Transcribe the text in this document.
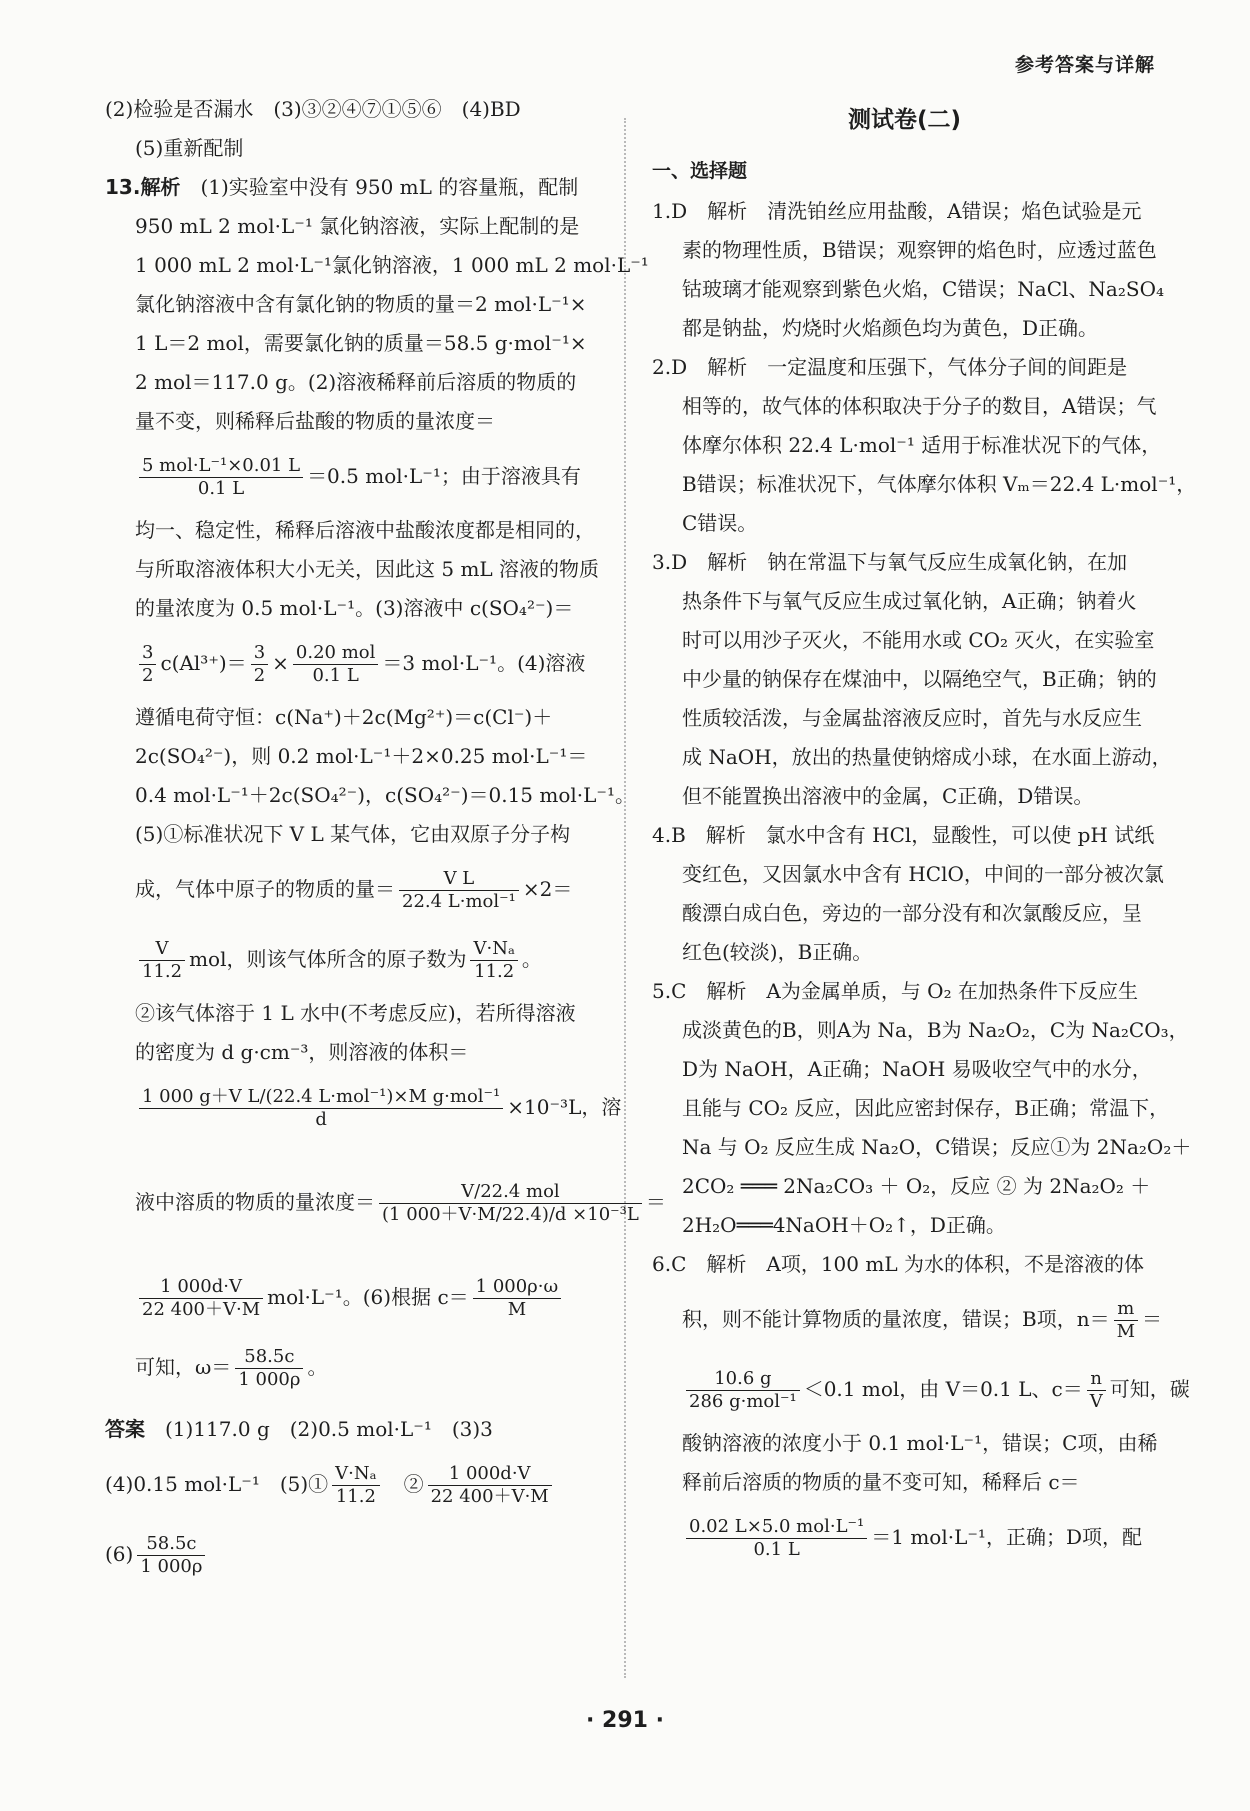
参考答案与详解
(2)检验是否漏水　(3)③②④⑦①⑤⑥　(4)BD
(5)重新配制
13.解析　 (1)实验室中没有 950 mL 的容量瓶，配制
950 mL 2 mol·L⁻¹ 氯化钠溶液，实际上配制的是
1 000 mL 2 mol·L⁻¹氯化钠溶液，1 000 mL 2 mol·L⁻¹
氯化钠溶液中含有氯化钠的物质的量＝2 mol·L⁻¹×
1 L＝2 mol，需要氯化钠的质量＝58.5 g·mol⁻¹×
2 mol＝117.0 g。(2)溶液稀释前后溶质的物质的
量不变，则稀释后盐酸的物质的量浓度＝
$\frac{\text{5 mol·L⁻¹×0.01 L}}{0.1 L} =0.5$ mol·L⁻¹；由于溶液具有
均一、稳定性，稀释后溶液中盐酸浓度都是相同的，
与所取溶液体积大小无关，因此这 5 mL 溶液的物质
的量浓度为 0.5 mol·L⁻¹。(3)溶液中 c(SO₄²⁻)＝
$\frac{3}{2} c(Al^{3+})= \frac{3}{2} \times \frac{\text{0.20 mol}}{0.1 L} =3$ mol·L⁻¹。(4)溶液
遵循电荷守恒：c(Na⁺)＋2c(Mg²⁺)＝c(Cl⁻)＋
2c(SO₄²⁻)，则 0.2 mol·L⁻¹＋2×0.25 mol·L⁻¹＝
0.4 mol·L⁻¹＋2c(SO₄²⁻)，c(SO₄²⁻)＝0.15 mol·L⁻¹。
(5)①标准状况下 V L 某气体，它由双原子分子构
成，气体中原子的物质的量＝ $\frac{\text{V L}}{\text{22.4 L·mol⁻¹}} \times 2=$
$\frac{V}{11.2}$ mol，则该气体所含的原子数为 $\frac{\text{V·Nₐ}}{11.2}$ 。
②该气体溶于 1 L 水中(不考虑反应)，若所得溶液
的密度为 d g·cm⁻³，则溶液的体积＝
$\frac{\text{1 000 g＋V L/(22.4 L·mol⁻¹)×M g·mol⁻¹}}{d} \times 10^{-3}L$，溶
液中溶质的物质的量浓度＝ $\frac{\text{V/22.4 mol}}{\text{(1 000＋V·M/22.4)/d ×10⁻³L}}$ ＝
$\frac{1 000d\cdot V}{22 400+V\cdot M} mol\cdot L^{-1}$。(6)根据 $c= \frac{1 000\rho\cdot\omega}{M}$
可知，$\omega= \frac{58.5c}{1 000\rho}$ 。
答案　 (1)117.0 g　(2)0.5 mol·L⁻¹　(3)3
(4)0.15 mol·L⁻¹　(5)① $\frac{\text{V·Nₐ}}{11.2}$
　 ② $\frac{1 000d\cdot V}{22 400+V\cdot M}$
$(6) \frac{58.5c}{1 000\rho}$
测试卷(二)
一、选择题
1.D　解析　清洗铂丝应用盐酸，A错误；焰色试验是元
素的物理性质，B错误；观察钾的焰色时，应透过蓝色
钴玻璃才能观察到紫色火焰，C错误；NaCl、Na₂SO₄
都是钠盐，灼烧时火焰颜色均为黄色，D正确。
2.D　解析　一定温度和压强下，气体分子间的间距是
相等的，故气体的体积取决于分子的数目，A错误；气
体摩尔体积 22.4 L·mol⁻¹ 适用于标准状况下的气体，
B错误；标准状况下，气体摩尔体积 Vₘ＝22.4 L·mol⁻¹，
C错误。
3.D　解析　钠在常温下与氧气反应生成氧化钠，在加
热条件下与氧气反应生成过氧化钠，A正确；钠着火
时可以用沙子灭火，不能用水或 CO₂ 灭火，在实验室
中少量的钠保存在煤油中，以隔绝空气，B正确；钠的
性质较活泼，与金属盐溶液反应时，首先与水反应生
成 NaOH，放出的热量使钠熔成小球，在水面上游动，
但不能置换出溶液中的金属，C正确，D错误。
4.B　解析　氯水中含有 HCl，显酸性，可以使 pH 试纸
变红色，又因氯水中含有 HClO，中间的一部分被次氯
酸漂白成白色，旁边的一部分没有和次氯酸反应，呈
红色(较淡)，B正确。
5.C　解析　A为金属单质，与 O₂ 在加热条件下反应生
成淡黄色的B，则A为 Na，B为 Na₂O₂，C为 Na₂CO₃，
D为 NaOH，A正确；NaOH 易吸收空气中的水分，
且能与 CO₂ 反应，因此应密封保存，B正确；常温下，
Na 与 O₂ 反应生成 Na₂O，C错误；反应①为 2Na₂O₂＋
2CO₂ ═══ 2Na₂CO₃ ＋ O₂，反应 ② 为 2Na₂O₂ ＋
2H₂O═══4NaOH＋O₂↑，D正确。
6.C　解析　A项，100 mL 为水的体积，不是溶液的体
积，则不能计算物质的量浓度，错误；B项，$n= \frac{m}{M}$ ＝
$\frac{10.6 g}{\text{286 g·mol⁻¹}} <0.1$ mol，由 V＝0.1 L、$c= \frac{n}{V}$ 可知，碳
酸钠溶液的浓度小于 0.1 mol·L⁻¹，错误；C项，由稀
释前后溶质的物质的量不变可知，稀释后 c＝
$\frac{\text{0.02 L×5.0 mol·L⁻¹}}{0.1 L} =1$ mol·L⁻¹，正确；D项，配
· 291 ·
